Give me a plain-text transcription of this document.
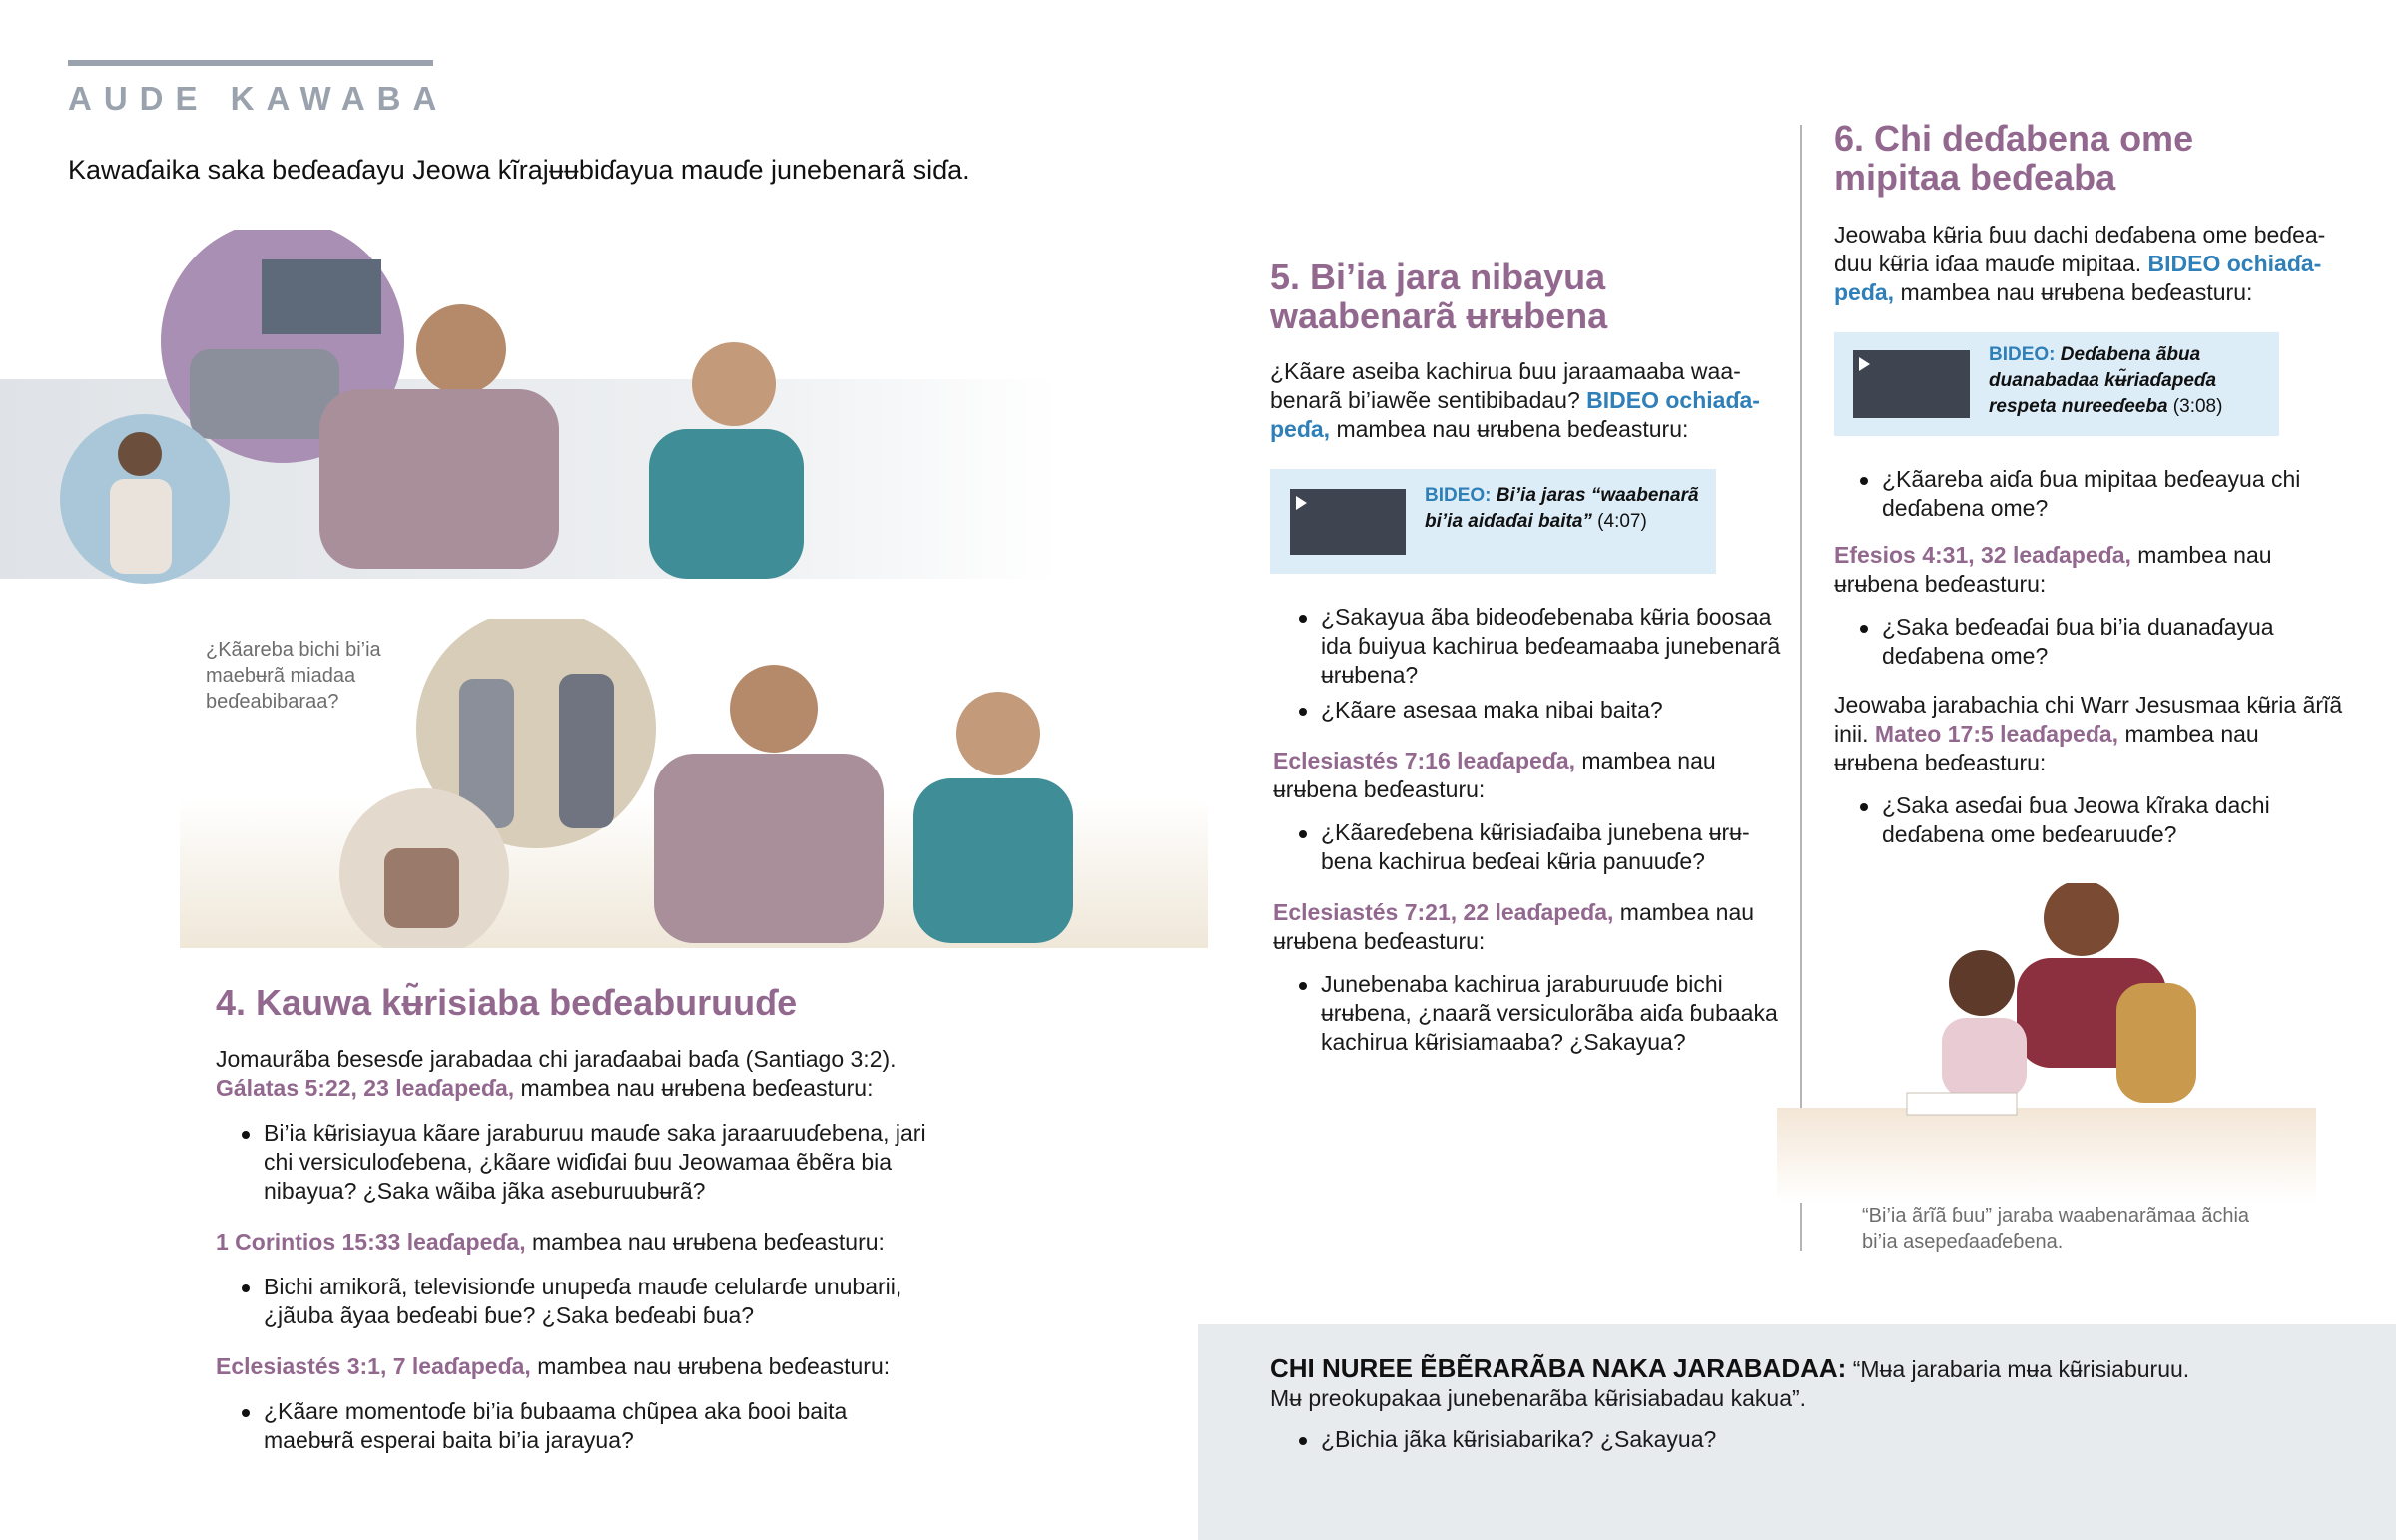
AUDE KAWABA
Kawaɗaika saka beɗeaɗayu Jeowa kĩrajʉʉbiɗayua mauɗe junebenarã siɗa.
¿Kãareba bichi bi’ia maebʉrã miadaa beɗeabibaraa?
4. Kauwa kʉ̃risiaba beɗeaburuuɗe
Jomaurãba ɓesesɗe jarabadaa chi jaraɗaabai baɗa (Santiago 3:2).
Gálatas 5:22, 23 leaɗapeɗa, mambea nau ʉrʉbena beɗeasturu:
Bi’ia kʉ̃risiayua kãare jaraburuu mauɗe saka jaraaruuɗebena, jari chi versiculoɗebena, ¿kãare wiɗiɗai ɓuu Jeowamaa ẽbẽra bia nibayua? ¿Saka wãiba jãka aseburuubʉrã?
1 Corintios 15:33 leaɗapeɗa, mambea nau ʉrʉbena beɗeasturu:
Bichi amikorã, televisionɗe unupeɗa mauɗe celularɗe unubarii, ¿jãuba ãyaa beɗeabi ɓue? ¿Saka beɗeabi ɓua?
Eclesiastés 3:1, 7 leaɗapeɗa, mambea nau ʉrʉbena beɗeasturu:
¿Kãare momentoɗe bi’ia ɓubaama chũpea aka ɓooi baita maebʉrã esperai baita bi’ia jarayua?
5. Bi’ia jara nibayua
waabenarã ʉrʉbena
¿Kãare aseiba kachirua ɓuu jaraamaaba waa-
benarã bi’iawẽe sentibibadau? BIDEO ochiaɗa-
peɗa, mambea nau ʉrʉbena beɗeasturu:
BIDEO: Bi’ia jaras “waabenarã bi’ia aiɗaɗai baita” (4:07)
¿Sakayua ãba bideoɗebenaba kʉ̃ria ɓoosaa ida ɓuiyua kachirua beɗeamaaba junebenarã ʉrʉbena?
¿Kãare asesaa maka nibai baita?
Eclesiastés 7:16 leaɗapeɗa, mambea nau ʉrʉbena beɗeasturu:
¿Kãareɗebena kʉ̃risiaɗaiba junebena ʉrʉbena kachirua beɗeai kʉ̃ria panuuɗe?
Eclesiastés 7:21, 22 leaɗapeɗa, mambea nau ʉrʉbena beɗeasturu:
Junebenaba kachirua jaraburuuɗe bichi ʉrʉbena, ¿naarã versiculorãba aiɗa ɓubaaka kachirua kʉ̃risiamaaba? ¿Sakayua?
6. Chi deɗabena ome
mipitaa beɗeaba
Jeowaba kʉ̃ria ɓuu dachi deɗabena ome beɗea-
duu kʉ̃ria iɗaa mauɗe mipitaa. BIDEO ochiaɗa-
peɗa, mambea nau ʉrʉbena beɗeasturu:
BIDEO: Deɗabena ãbua duanabadaa kʉ̃riaɗapeɗa respeta nureeɗeeba (3:08)
¿Kãareba aiɗa ɓua mipitaa beɗeayua chi deɗabena ome?
Efesios 4:31, 32 leaɗapeɗa, mambea nau ʉrʉbena beɗeasturu:
¿Saka beɗeaɗai ɓua bi’ia duanaɗayua deɗabena ome?
Jeowaba jarabachia chi Warr Jesusmaa kʉ̃ria ãrĩã inii. Mateo 17:5 leaɗapeɗa, mambea nau ʉrʉbena beɗeasturu:
¿Saka aseɗai ɓua Jeowa kĩraka dachi deɗabena ome beɗearuuɗe?
“Bi’ia ãrĩã ɓuu” jaraba waabenarãmaa ãchia bi’ia asepeɗaaɗeɓena.
CHI NUREE ẼBẼRARÃBA NAKA JARABADAA: “Mʉa jarabaria mʉa kʉ̃risiaburuu.
Mʉ preokupakaa junebenarãba kʉ̃risiabadau kakua”.
¿Bichia jãka kʉ̃risiabarika? ¿Sakayua?
